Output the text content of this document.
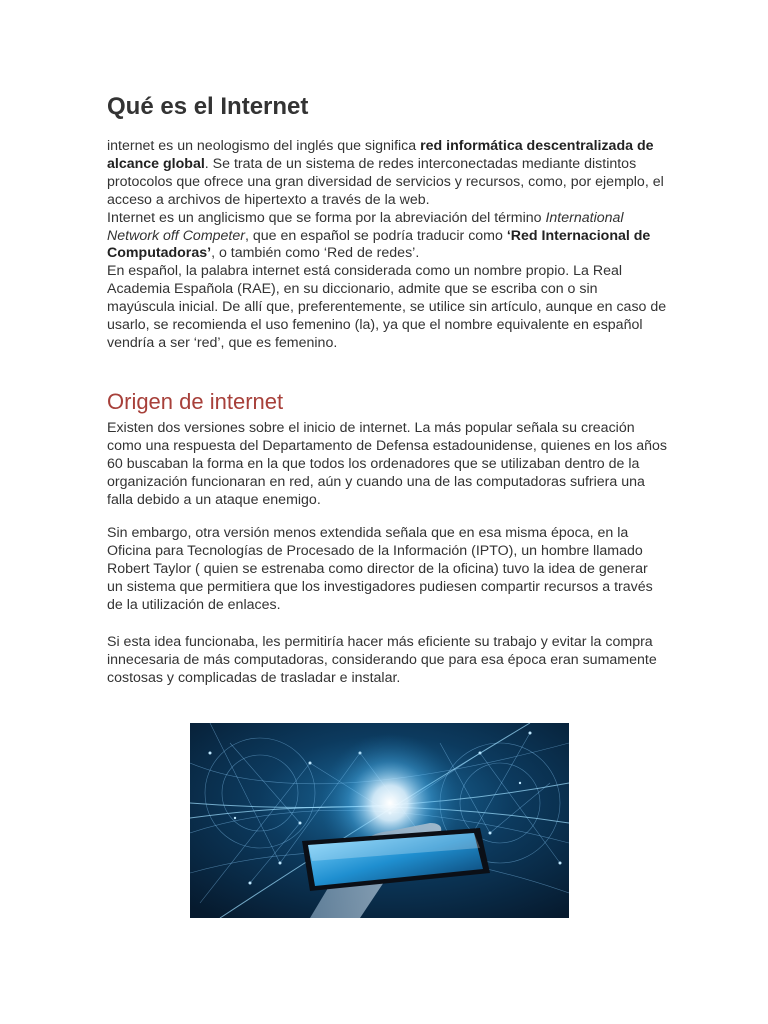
Qué es el Internet

internet es un neologismo del inglés que significa red informática descentralizada de alcance global. Se trata de un sistema de redes interconectadas mediante distintos protocolos que ofrece una gran diversidad de servicios y recursos, como, por ejemplo, el acceso a archivos de hipertexto a través de la web.

Internet es un anglicismo que se forma por la abreviación del término International Network off Competer, que en español se podría traducir como ‘Red Internacional de Computadoras’, o también como ‘Red de redes’.

En español, la palabra internet está considerada como un nombre propio. La Real Academia Española (RAE), en su diccionario, admite que se escriba con o sin mayúscula inicial. De allí que, preferentemente, se utilice sin artículo, aunque en caso de usarlo, se recomienda el uso femenino (la), ya que el nombre equivalente en español vendría a ser ‘red’, que es femenino.

Origen de internet

Existen dos versiones sobre el inicio de internet. La más popular señala su creación como una respuesta del Departamento de Defensa estadounidense, quienes en los años 60 buscaban la forma en la que todos los ordenadores que se utilizaban dentro de la organización funcionaran en red, aún y cuando una de las computadoras sufriera una falla debido a un ataque enemigo.

Sin embargo, otra versión menos extendida señala que en esa misma época, en la Oficina para Tecnologías de Procesado de la Información (IPTO), un hombre llamado Robert Taylor ( quien se estrenaba como director de la oficina) tuvo la idea de generar un sistema que permitiera que los investigadores pudiesen compartir recursos a través de la utilización de enlaces.

Si esta idea funcionaba, les permitiría hacer más eficiente su trabajo y evitar la compra innecesaria de más computadoras, considerando que para esa época eran sumamente costosas y complicadas de trasladar e instalar.
